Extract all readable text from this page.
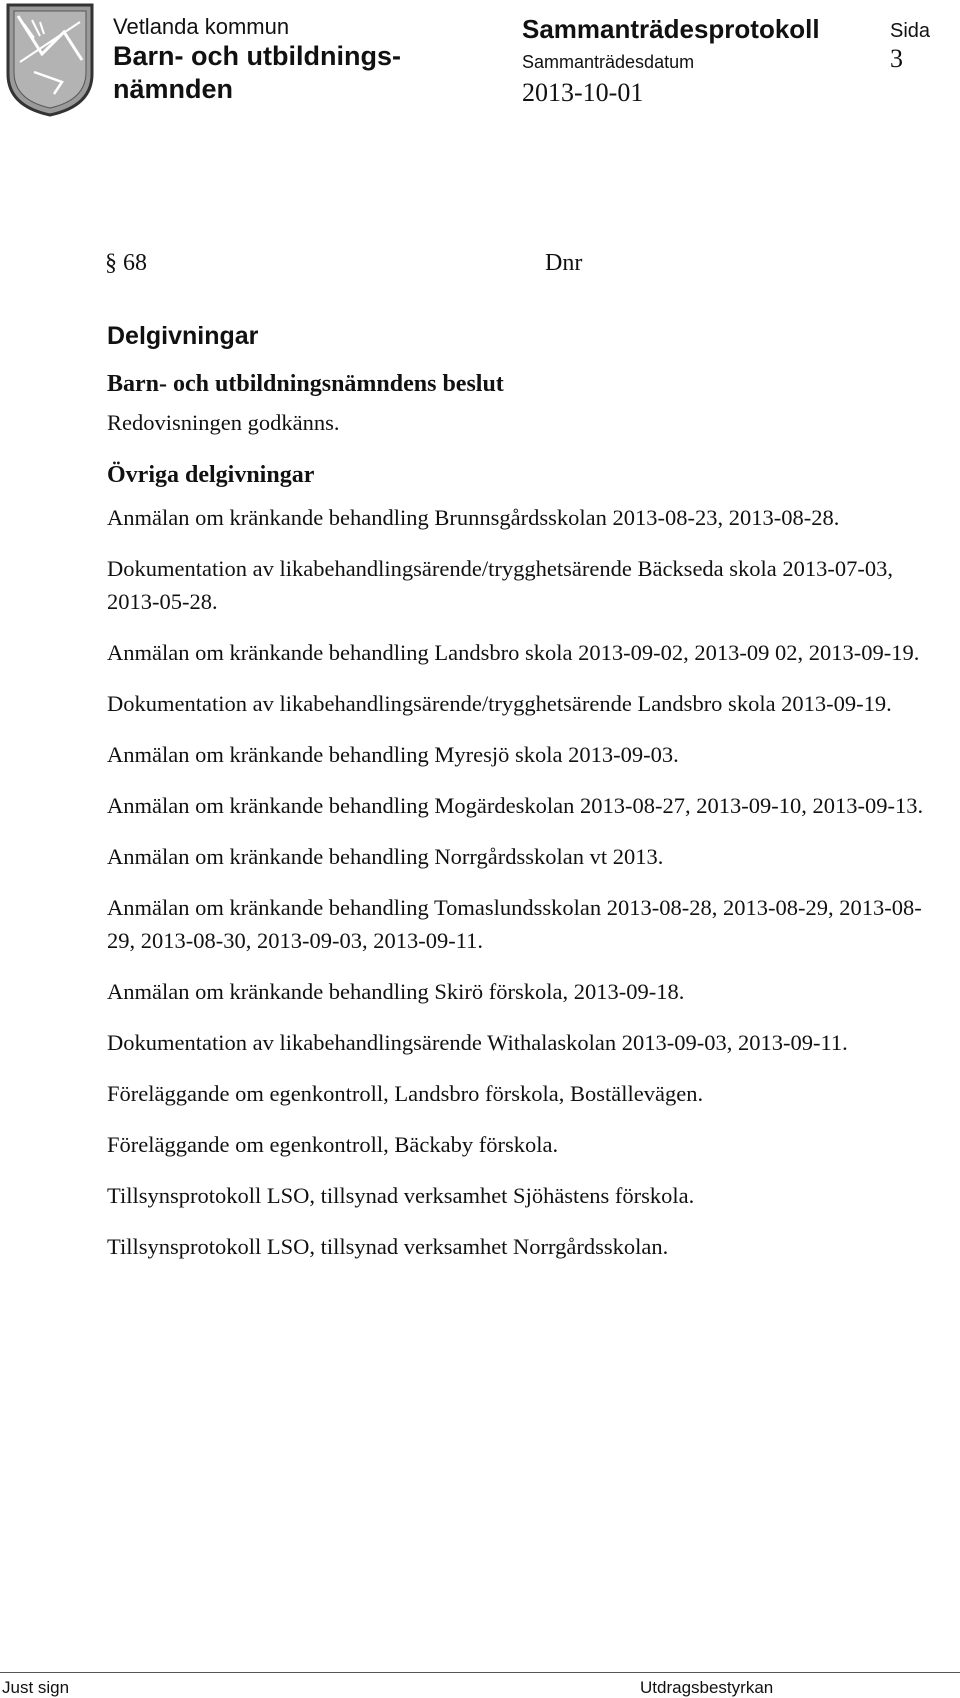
Vetlanda kommun
Barn- och utbildnings-
nämnden
Sammanträdesprotokoll	Sida
Sammanträdesdatum	3
2013-10-01
§ 68	Dnr
Delgivningar
Barn- och utbildningsnämndens beslut
Redovisningen godkänns.
Övriga delgivningar
Anmälan om kränkande behandling Brunnsgårdsskolan 2013-08-23, 2013-08-28.
Dokumentation av likabehandlingsärende/trygghetsärende Bäckseda skola 2013-07-03, 2013-05-28.
Anmälan om kränkande behandling Landsbro skola 2013-09-02, 2013-09 02, 2013-09-19.
Dokumentation av likabehandlingsärende/trygghetsärende Landsbro skola 2013-09-19.
Anmälan om kränkande behandling Myresjö skola 2013-09-03.
Anmälan om kränkande behandling Mogärdeskolan 2013-08-27, 2013-09-10, 2013-09-13.
Anmälan om kränkande behandling Norrgårdsskolan vt 2013.
Anmälan om kränkande behandling Tomaslundsskolan 2013-08-28, 2013-08-29, 2013-08-29, 2013-08-30, 2013-09-03, 2013-09-11.
Anmälan om kränkande behandling Skirö förskola, 2013-09-18.
Dokumentation av likabehandlingsärende Withalaskolan 2013-09-03, 2013-09-11.
Föreläggande om egenkontroll, Landsbro förskola, Boställevägen.
Föreläggande om egenkontroll, Bäckaby förskola.
Tillsynsprotokoll LSO, tillsynad verksamhet Sjöhästens förskola.
Tillsynsprotokoll LSO, tillsynad verksamhet Norrgårdsskolan.
Just sign	Utdragsbestyrkan
